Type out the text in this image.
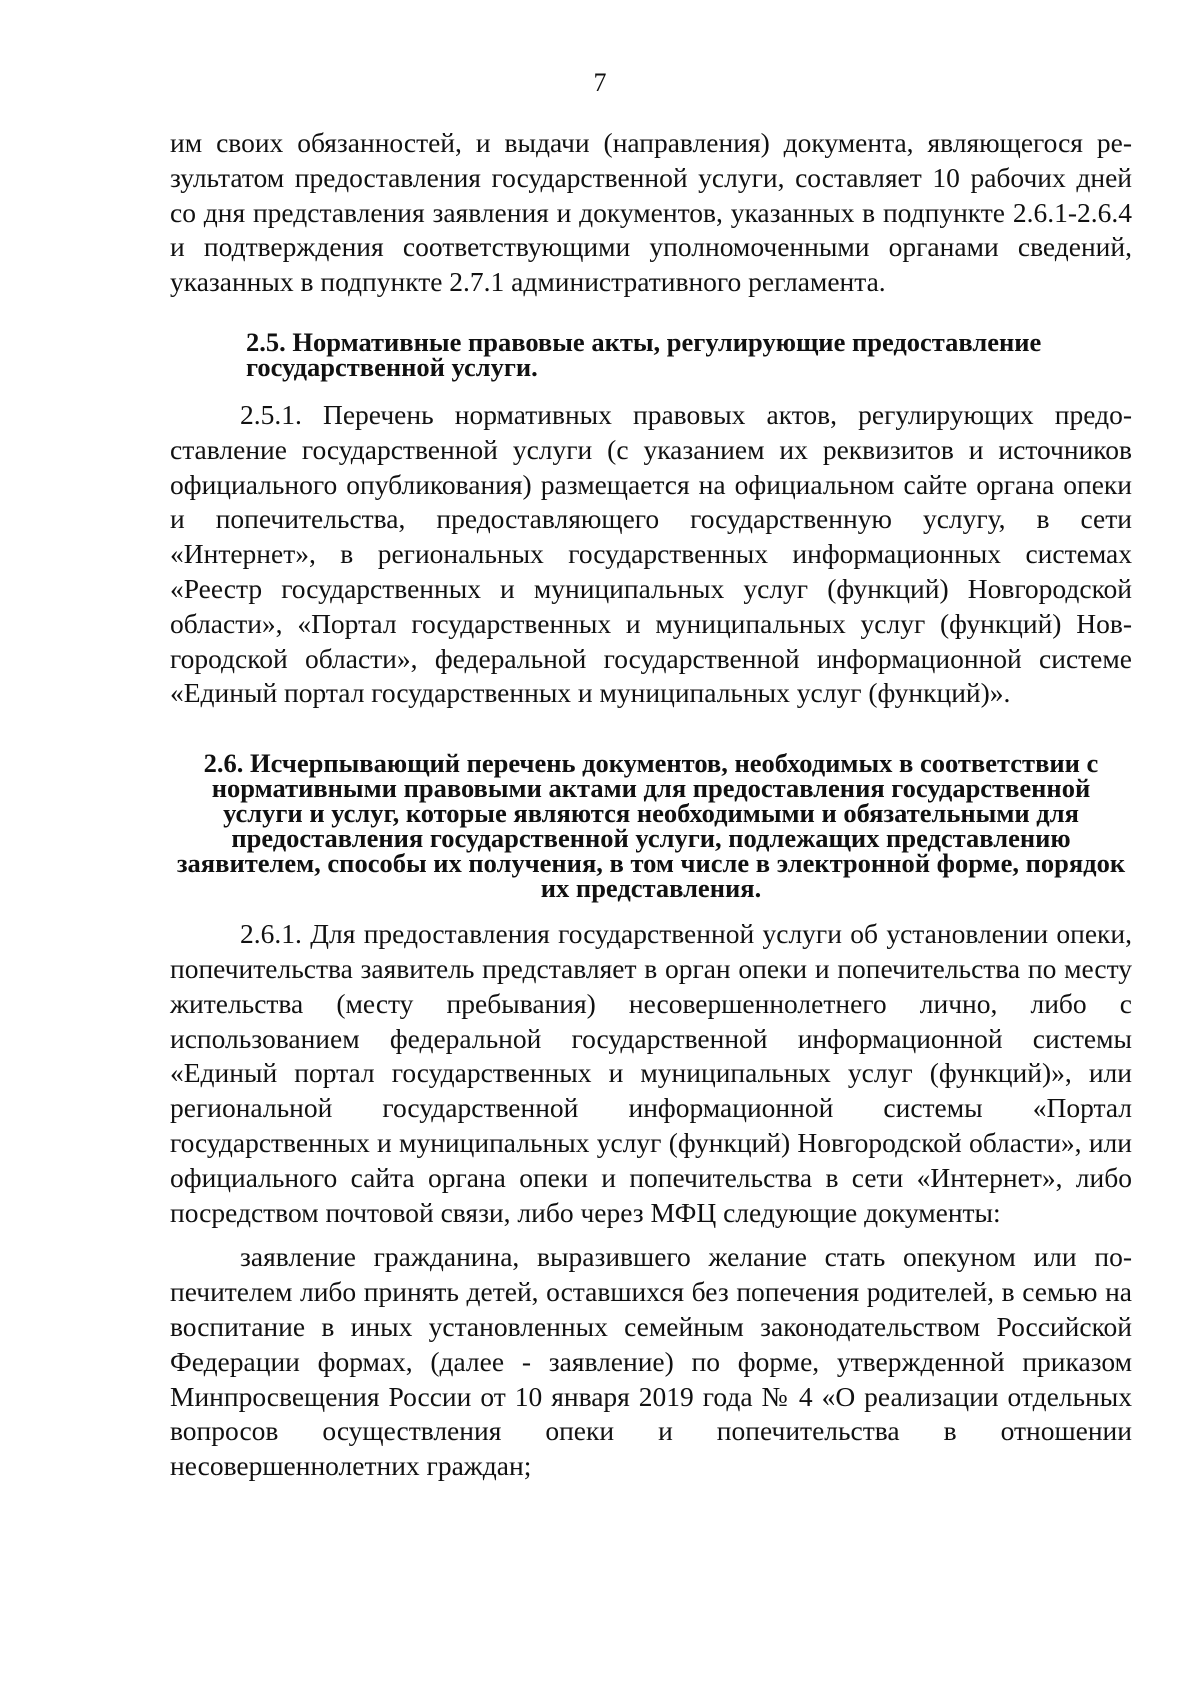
7

им своих обязанностей, и выдачи (направления) документа, являющегося результатом предоставления государственной услуги, составляет 10 рабочих дней со дня представления заявления и документов, указанных в подпункте 2.6.1-2.6.4 и подтверждения соответствующими уполномоченными органами сведений, указанных в подпункте 2.7.1 административного регламента.

2.5. Нормативные правовые акты, регулирующие предоставление государственной услуги.

2.5.1. Перечень нормативных правовых актов, регулирующих предоставление государственной услуги (с указанием их реквизитов и источников официального опубликования) размещается на официальном сайте органа опеки и попечительства, предоставляющего государственную услугу, в сети «Интернет», в региональных государственных информационных системах «Реестр государственных и муниципальных услуг (функций) Новгородской области», «Портал государственных и муниципальных услуг (функций) Новгородской области», федеральной государственной информационной системе «Единый портал государственных и муниципальных услуг (функций)».

2.6. Исчерпывающий перечень документов, необходимых в соответствии с нормативными правовыми актами для предоставления государственной услуги и услуг, которые являются необходимыми и обязательными для предоставления государственной услуги, подлежащих представлению заявителем, способы их получения, в том числе в электронной форме, порядок их представления.

2.6.1. Для предоставления государственной услуги об установлении опеки, попечительства заявитель представляет в орган опеки и попечительства по месту жительства (месту пребывания) несовершеннолетнего лично, либо с использованием федеральной государственной информационной системы «Единый портал государственных и муниципальных услуг (функций)», или региональной государственной информационной системы «Портал государственных и муниципальных услуг (функций) Новгородской области», или официального сайта органа опеки и попечительства в сети «Интернет», либо посредством почтовой связи, либо через МФЦ следующие документы:

заявление гражданина, выразившего желание стать опекуном или попечителем либо принять детей, оставшихся без попечения родителей, в семью на воспитание в иных установленных семейным законодательством Российской Федерации формах, (далее - заявление) по форме, утвержденной приказом Минпросвещения России от 10 января 2019 года № 4 «О реализации отдельных вопросов осуществления опеки и попечительства в отношении несовершеннолетних граждан;
